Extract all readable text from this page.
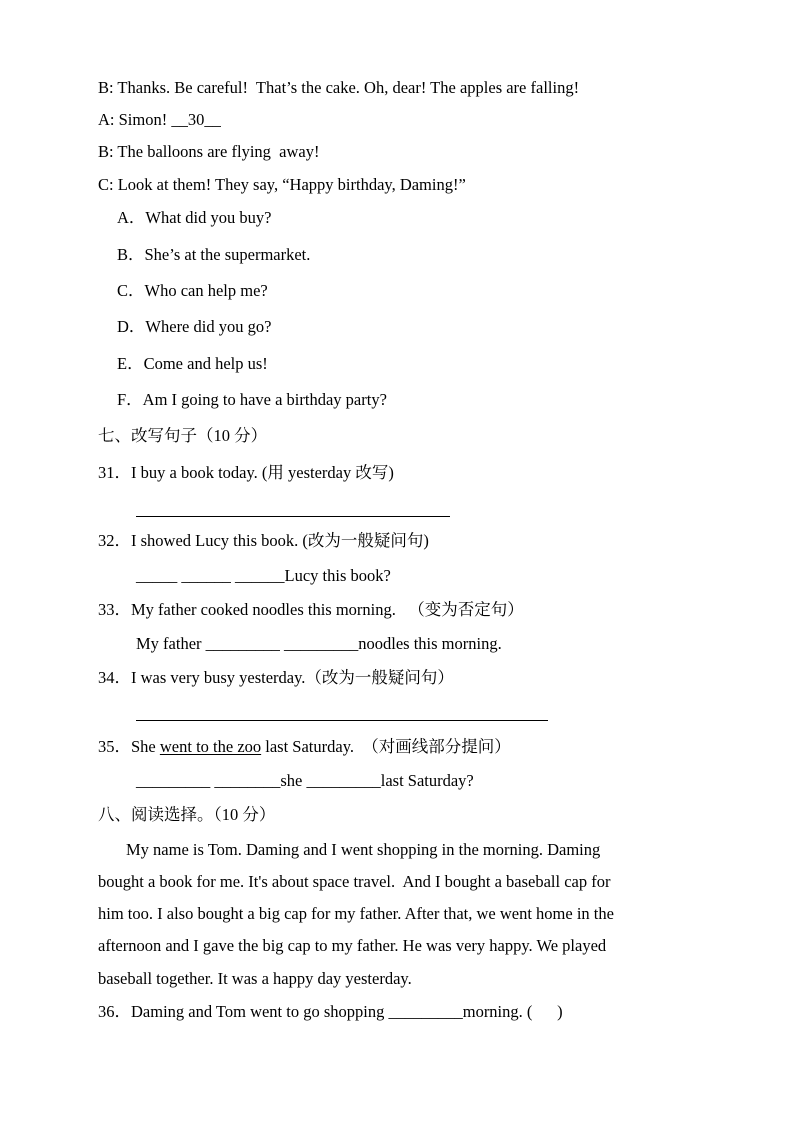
B: Thanks. Be careful!  That’s the cake. Oh, dear! The apples are falling!
A: Simon! __30__
B: The balloons are flying  away!
C: Look at them! They say, “Happy birthday, Daming!”
A．What did you buy?
B．She’s at the supermarket.
C．Who can help me?
D．Where did you go?
E．Come and help us!
F．Am I going to have a birthday party?
七、改写句子（10 分）
31．I buy a book today. (用 yesterday 改写)
32．I showed Lucy this book. (改为一般疑问句)
_____ ______ ______Lucy this book?
33．My father cooked noodles this morning.   （变为否定句）
My father _________ _________noodles this morning.
34．I was very busy yesterday.（改为一般疑问句）
35．She went to the zoo last Saturday.  （对画线部分提问）
_________ ________she _________last Saturday?
八、阅读选择。（10 分）
My name is Tom. Daming and I went shopping in the morning. Daming
bought a book for me. It's about space travel.  And I bought a baseball cap for
him too. I also bought a big cap for my father. After that, we went home in the
afternoon and I gave the big cap to my father. He was very happy. We played
baseball together. It was a happy day yesterday.
36．Daming and Tom went to go shopping _________morning. (      )
